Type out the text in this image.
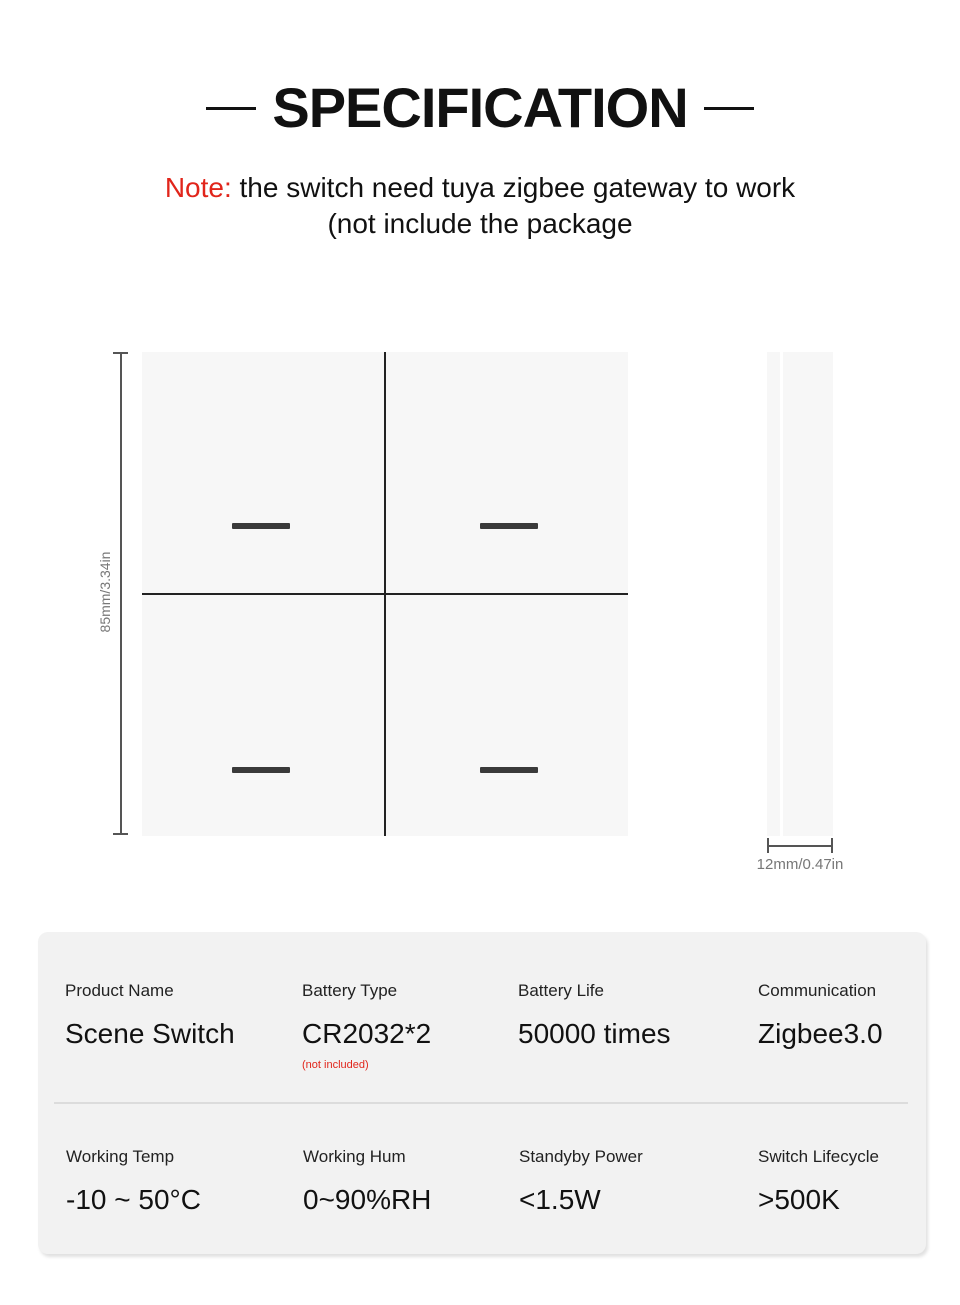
SPECIFICATION
Note: the switch need tuya zigbee gateway to work
(not include the package
85mm/3.34in
12mm/0.47in
Product Name
Scene Switch
Battery Type
CR2032*2
(not included)
Battery Life
50000 times
Communication
Zigbee3.0
Working Temp
-10 ~ 50°C
Working Hum
0~90%RH
Standyby Power
<1.5W
Switch Lifecycle
>500K
